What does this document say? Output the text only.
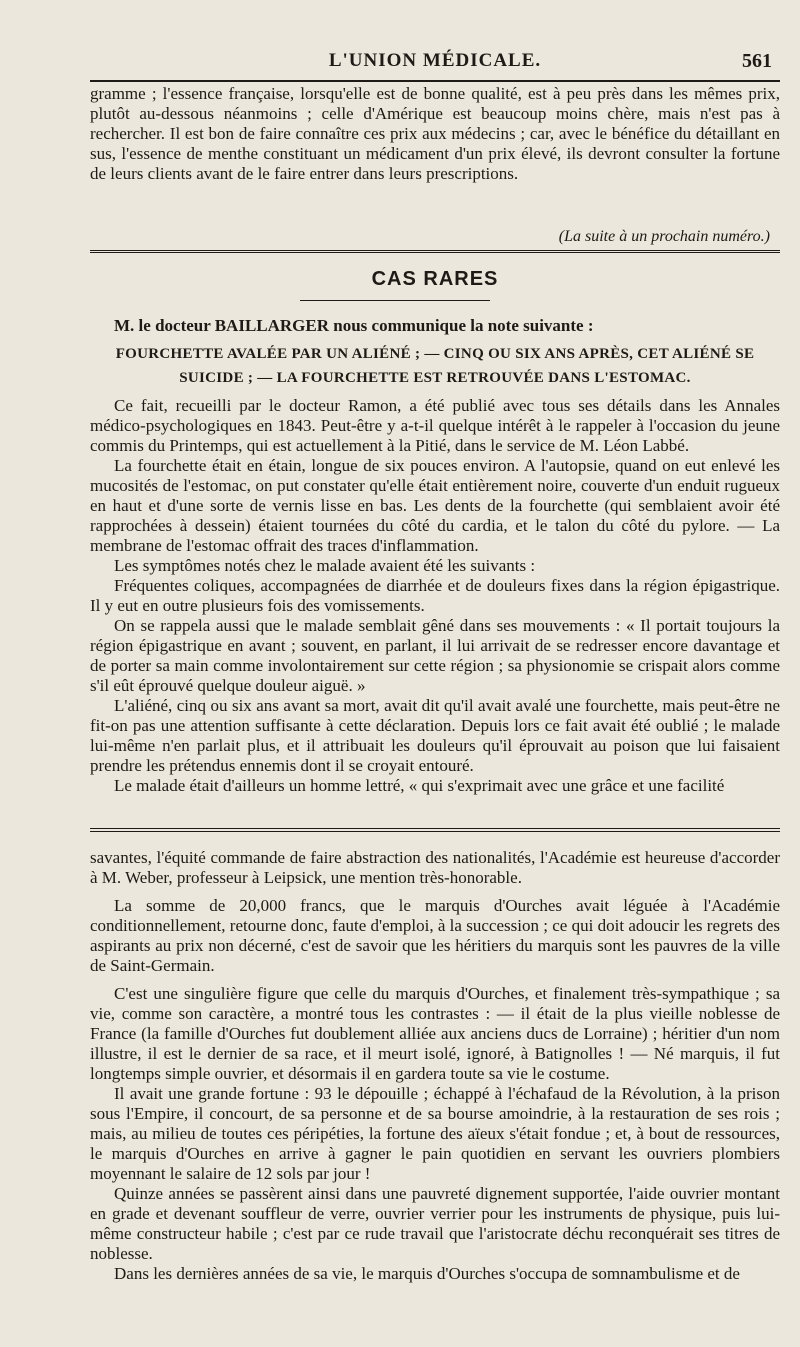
L'UNION MÉDICALE.	561

gramme ; l'essence française, lorsqu'elle est de bonne qualité, est à peu près dans les mêmes prix, plutôt au-dessous néanmoins ; celle d'Amérique est beaucoup moins chère, mais n'est pas à rechercher. Il est bon de faire connaître ces prix aux médecins ; car, avec le bénéfice du détaillant en sus, l'essence de menthe constituant un médicament d'un prix élevé, ils devront consulter la fortune de leurs clients avant de le faire entrer dans leurs prescriptions.

(La suite à un prochain numéro.)
CAS RARES

M. le docteur BAILLARGER nous communique la note suivante :

FOURCHETTE AVALÉE PAR UN ALIÉNÉ ; — CINQ OU SIX ANS APRÈS, CET ALIÉNÉ SE SUICIDE ; — LA FOURCHETTE EST RETROUVÉE DANS L'ESTOMAC.

Ce fait, recueilli par le docteur Ramon, a été publié avec tous ses détails dans les Annales médico-psychologiques en 1843. Peut-être y a-t-il quelque intérêt à le rappeler à l'occasion du jeune commis du Printemps, qui est actuellement à la Pitié, dans le service de M. Léon Labbé.

La fourchette était en étain, longue de six pouces environ. A l'autopsie, quand on eut enlevé les mucosités de l'estomac, on put constater qu'elle était entièrement noire, couverte d'un enduit rugueux en haut et d'une sorte de vernis lisse en bas. Les dents de la fourchette (qui semblaient avoir été rapprochées à dessein) étaient tournées du côté du cardia, et le talon du côté du pylore. — La membrane de l'estomac offrait des traces d'inflammation.

Les symptômes notés chez le malade avaient été les suivants :

Fréquentes coliques, accompagnées de diarrhée et de douleurs fixes dans la région épigastrique. Il y eut en outre plusieurs fois des vomissements.

On se rappela aussi que le malade semblait gêné dans ses mouvements : « Il portait toujours la région épigastrique en avant ; souvent, en parlant, il lui arrivait de se redresser encore davantage et de porter sa main comme involontairement sur cette région ; sa physionomie se crispait alors comme s'il eût éprouvé quelque douleur aiguë. »

L'aliéné, cinq ou six ans avant sa mort, avait dit qu'il avait avalé une fourchette, mais peut-être ne fit-on pas une attention suffisante à cette déclaration. Depuis lors ce fait avait été oublié ; le malade lui-même n'en parlait plus, et il attribuait les douleurs qu'il éprouvait au poison que lui faisaient prendre les prétendus ennemis dont il se croyait entouré.

Le malade était d'ailleurs un homme lettré, « qui s'exprimait avec une grâce et une facilité

savantes, l'équité commande de faire abstraction des nationalités, l'Académie est heureuse d'accorder à M. Weber, professeur à Leipsick, une mention très-honorable.

La somme de 20,000 francs, que le marquis d'Ourches avait léguée à l'Académie conditionnellement, retourne donc, faute d'emploi, à la succession ; ce qui doit adoucir les regrets des aspirants au prix non décerné, c'est de savoir que les héritiers du marquis sont les pauvres de la ville de Saint-Germain.

C'est une singulière figure que celle du marquis d'Ourches, et finalement très-sympathique ; sa vie, comme son caractère, a montré tous les contrastes : — il était de la plus vieille noblesse de France (la famille d'Ourches fut doublement alliée aux anciens ducs de Lorraine) ; héritier d'un nom illustre, il est le dernier de sa race, et il meurt isolé, ignoré, à Batignolles ! — Né marquis, il fut longtemps simple ouvrier, et désormais il en gardera toute sa vie le costume.

Il avait une grande fortune : 93 le dépouille ; échappé à l'échafaud de la Révolution, à la prison sous l'Empire, il concourt, de sa personne et de sa bourse amoindrie, à la restauration de ses rois ; mais, au milieu de toutes ces péripéties, la fortune des aïeux s'était fondue ; et, à bout de ressources, le marquis d'Ourches en arrive à gagner le pain quotidien en servant les ouvriers plombiers moyennant le salaire de 12 sols par jour !

Quinze années se passèrent ainsi dans une pauvreté dignement supportée, l'aide ouvrier montant en grade et devenant souffleur de verre, ouvrier verrier pour les instruments de physique, puis lui-même constructeur habile ; c'est par ce rude travail que l'aristocrate déchu reconquérait ses titres de noblesse.

Dans les dernières années de sa vie, le marquis d'Ourches s'occupa de somnambulisme et de
